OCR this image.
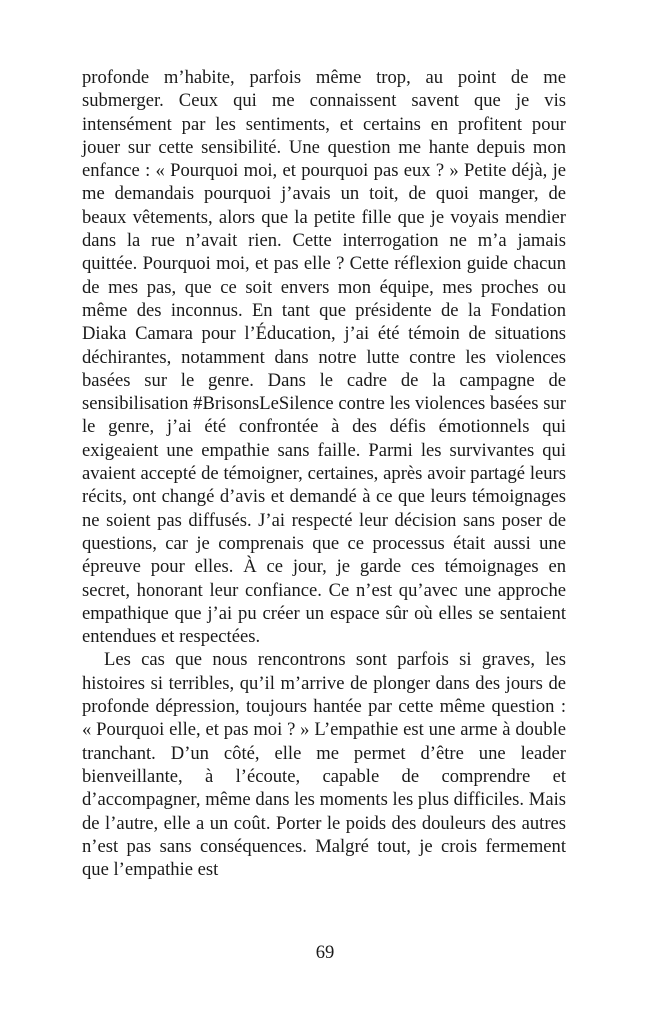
profonde m’habite, parfois même trop, au point de me submerger. Ceux qui me connaissent savent que je vis intensément par les sentiments, et certains en profitent pour jouer sur cette sensibilité. Une question me hante depuis mon enfance : « Pourquoi moi, et pourquoi pas eux ? » Petite déjà, je me demandais pourquoi j’avais un toit, de quoi manger, de beaux vêtements, alors que la petite fille que je voyais mendier dans la rue n’avait rien. Cette interrogation ne m’a jamais quittée. Pourquoi moi, et pas elle ? Cette réflexion guide chacun de mes pas, que ce soit envers mon équipe, mes proches ou même des inconnus. En tant que présidente de la Fondation Diaka Camara pour l’Éducation, j’ai été témoin de situations déchirantes, notamment dans notre lutte contre les violences basées sur le genre. Dans le cadre de la campagne de sensibilisation #BrisonsLeSilence contre les violences basées sur le genre, j’ai été confrontée à des défis émotionnels qui exigeaient une empathie sans faille. Parmi les survivantes qui avaient accepté de témoigner, certaines, après avoir partagé leurs récits, ont changé d’avis et demandé à ce que leurs témoignages ne soient pas diffusés. J’ai respecté leur décision sans poser de questions, car je comprenais que ce processus était aussi une épreuve pour elles. À ce jour, je garde ces témoignages en secret, honorant leur confiance. Ce n’est qu’avec une approche empathique que j’ai pu créer un espace sûr où elles se sentaient entendues et respectées.

Les cas que nous rencontrons sont parfois si graves, les histoires si terribles, qu’il m’arrive de plonger dans des jours de profonde dépression, toujours hantée par cette même question : « Pourquoi elle, et pas moi ? » L’empathie est une arme à double tranchant. D’un côté, elle me permet d’être une leader bienveillante, à l’écoute, capable de comprendre et d’accompagner, même dans les moments les plus difficiles. Mais de l’autre, elle a un coût. Porter le poids des douleurs des autres n’est pas sans conséquences. Malgré tout, je crois fermement que l’empathie est

69
